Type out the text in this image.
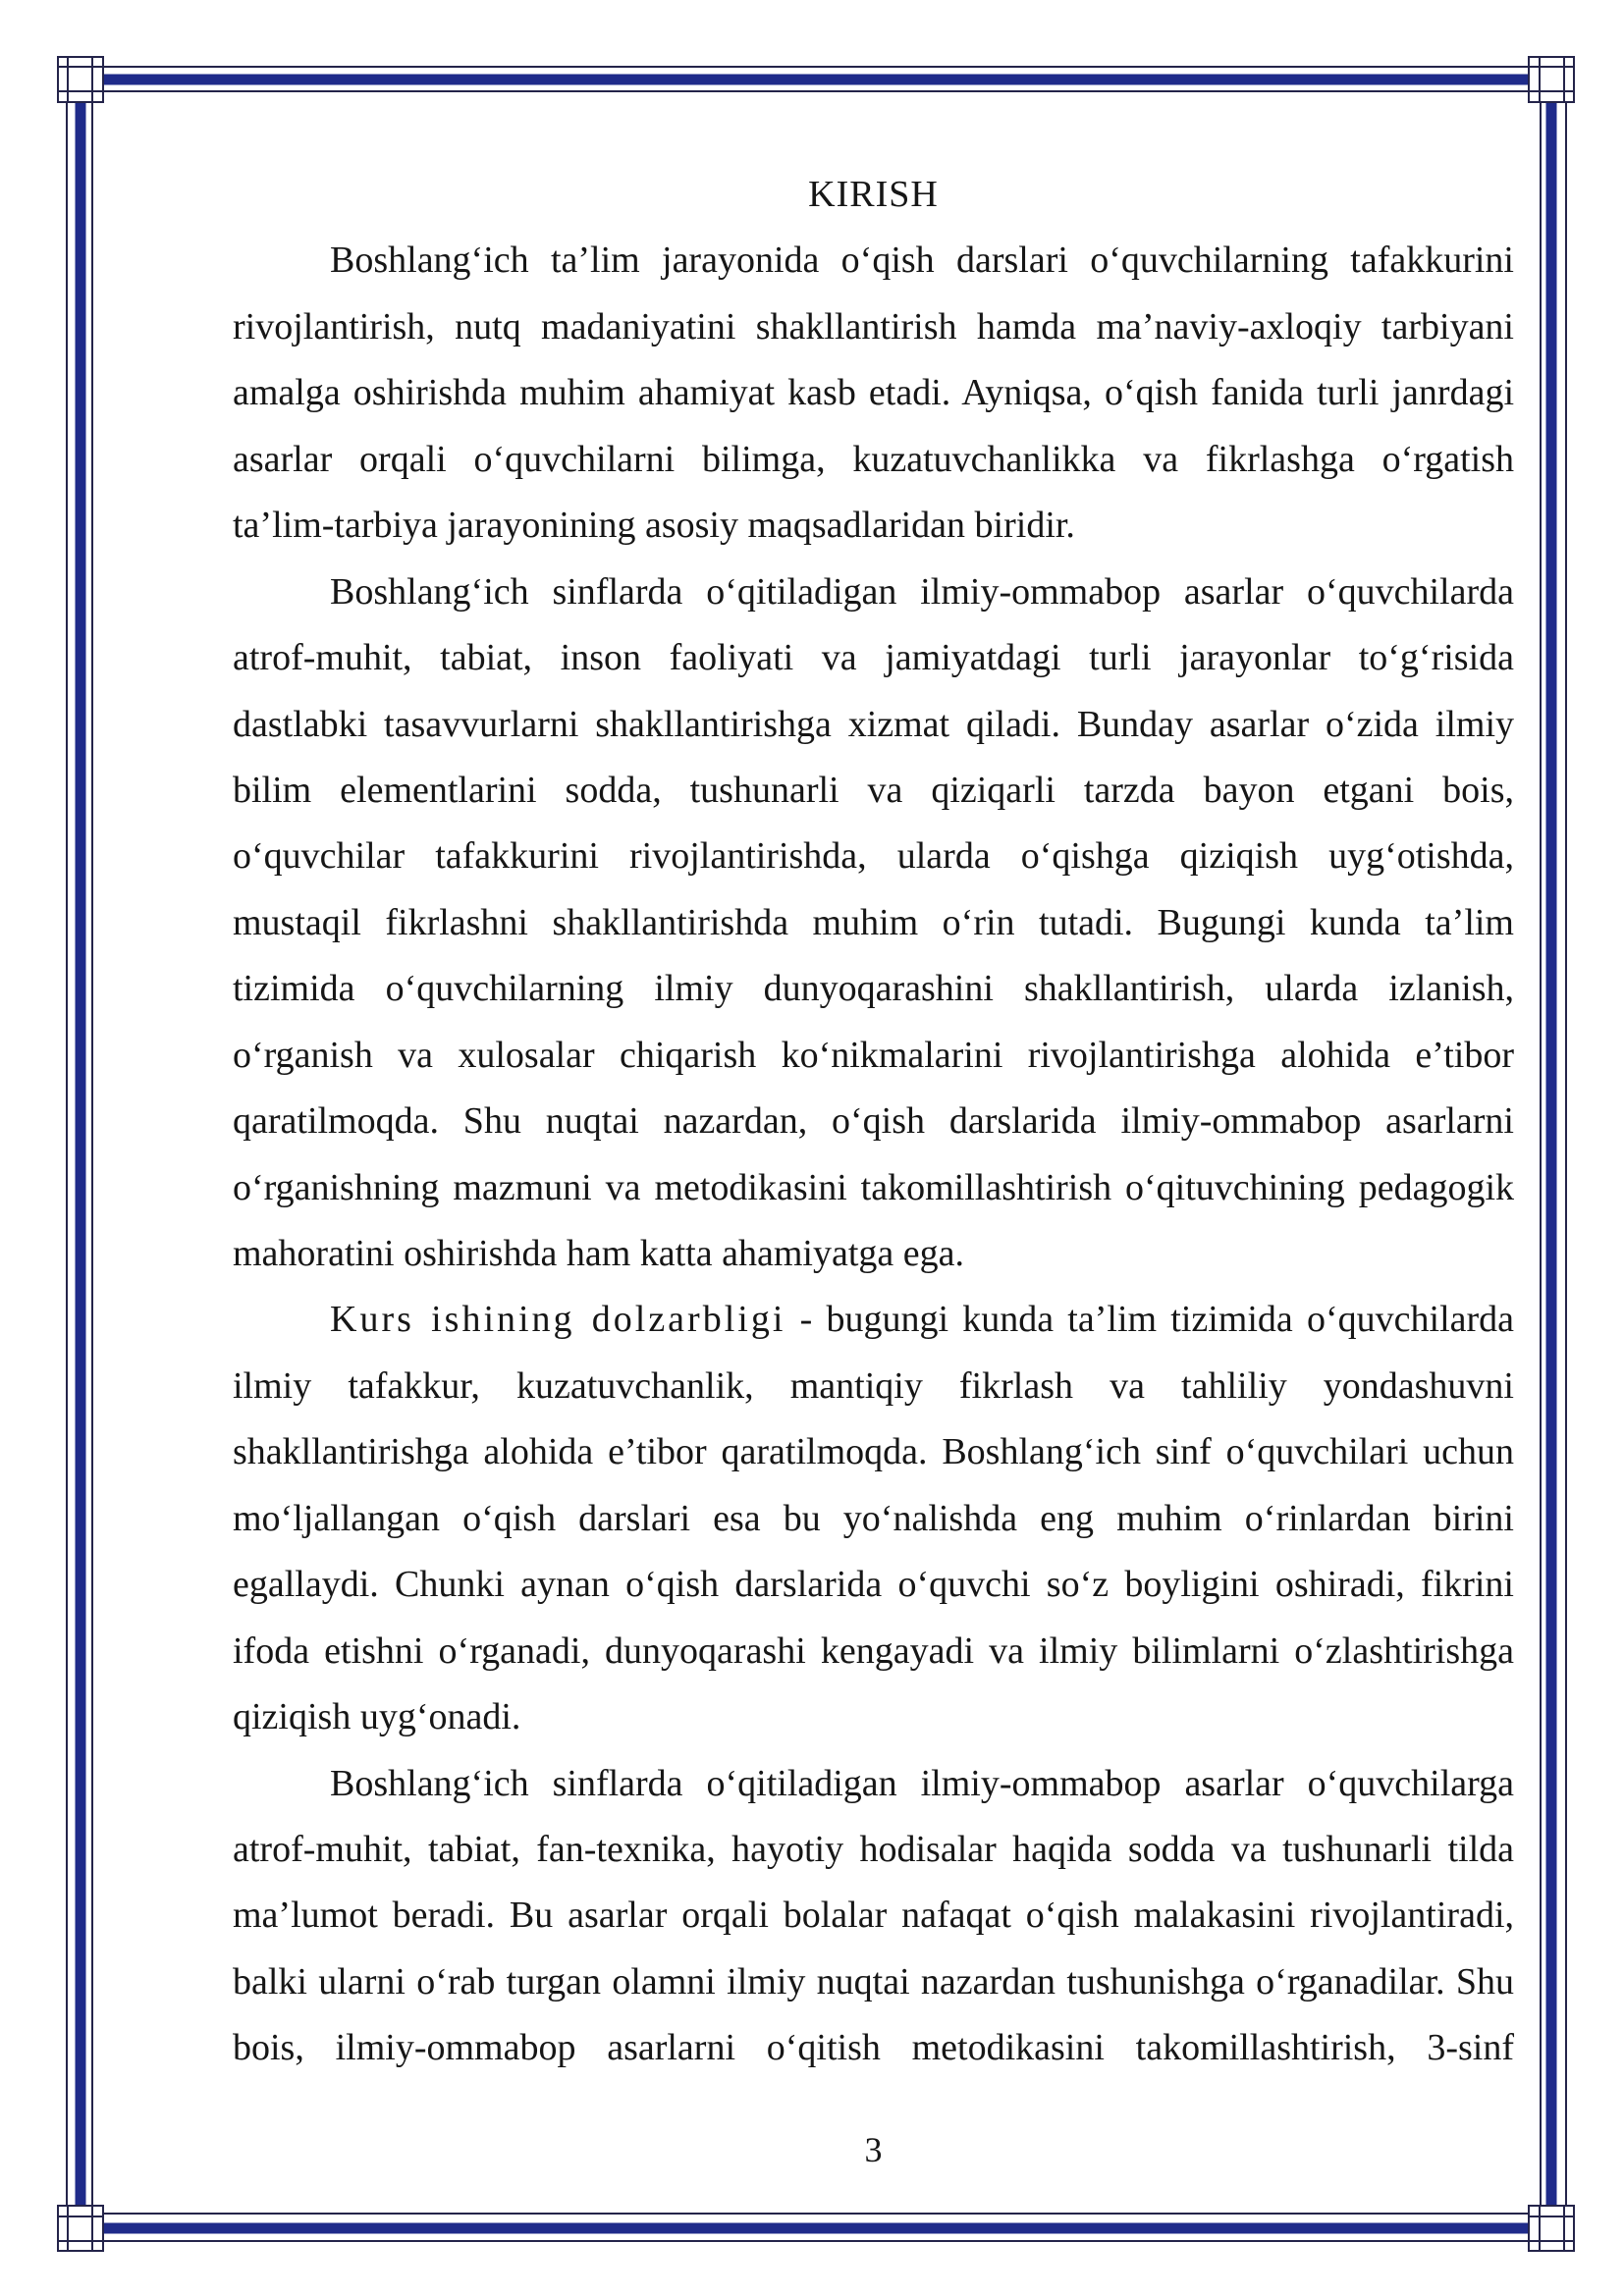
KIRISH
Boshlang‘ich ta’lim jarayonida o‘qish darslari o‘quvchilarning tafakkurini
rivojlantirish, nutq madaniyatini shakllantirish hamda ma’naviy-axloqiy tarbiyani
amalga oshirishda muhim ahamiyat kasb etadi. Ayniqsa, o‘qish fanida turli janrdagi
asarlar orqali o‘quvchilarni bilimga, kuzatuvchanlikka va fikrlashga o‘rgatish
ta’lim-tarbiya jarayonining asosiy maqsadlaridan biridir.
Boshlang‘ich sinflarda o‘qitiladigan ilmiy-ommabop asarlar o‘quvchilarda
atrof-muhit, tabiat, inson faoliyati va jamiyatdagi turli jarayonlar to‘g‘risida
dastlabki tasavvurlarni shakllantirishga xizmat qiladi. Bunday asarlar o‘zida ilmiy
bilim elementlarini sodda, tushunarli va qiziqarli tarzda bayon etgani bois,
o‘quvchilar tafakkurini rivojlantirishda, ularda o‘qishga qiziqish uyg‘otishda,
mustaqil fikrlashni shakllantirishda muhim o‘rin tutadi. Bugungi kunda ta’lim
tizimida o‘quvchilarning ilmiy dunyoqarashini shakllantirish, ularda izlanish,
o‘rganish va xulosalar chiqarish ko‘nikmalarini rivojlantirishga alohida e’tibor
qaratilmoqda. Shu nuqtai nazardan, o‘qish darslarida ilmiy-ommabop asarlarni
o‘rganishning mazmuni va metodikasini takomillashtirish o‘qituvchining pedagogik
mahoratini oshirishda ham katta ahamiyatga ega.
Kurs ishining dolzarbligi - bugungi kunda ta’lim tizimida o‘quvchilarda
ilmiy tafakkur, kuzatuvchanlik, mantiqiy fikrlash va tahliliy yondashuvni
shakllantirishga alohida e’tibor qaratilmoqda. Boshlang‘ich sinf o‘quvchilari uchun
mo‘ljallangan o‘qish darslari esa bu yo‘nalishda eng muhim o‘rinlardan birini
egallaydi. Chunki aynan o‘qish darslarida o‘quvchi so‘z boyligini oshiradi, fikrini
ifoda etishni o‘rganadi, dunyoqarashi kengayadi va ilmiy bilimlarni o‘zlashtirishga
qiziqish uyg‘onadi.
Boshlang‘ich sinflarda o‘qitiladigan ilmiy-ommabop asarlar o‘quvchilarga
atrof-muhit, tabiat, fan-texnika, hayotiy hodisalar haqida sodda va tushunarli tilda
ma’lumot beradi. Bu asarlar orqali bolalar nafaqat o‘qish malakasini rivojlantiradi,
balki ularni o‘rab turgan olamni ilmiy nuqtai nazardan tushunishga o‘rganadilar. Shu
bois, ilmiy-ommabop asarlarni o‘qitish metodikasini takomillashtirish, 3-sinf
3
